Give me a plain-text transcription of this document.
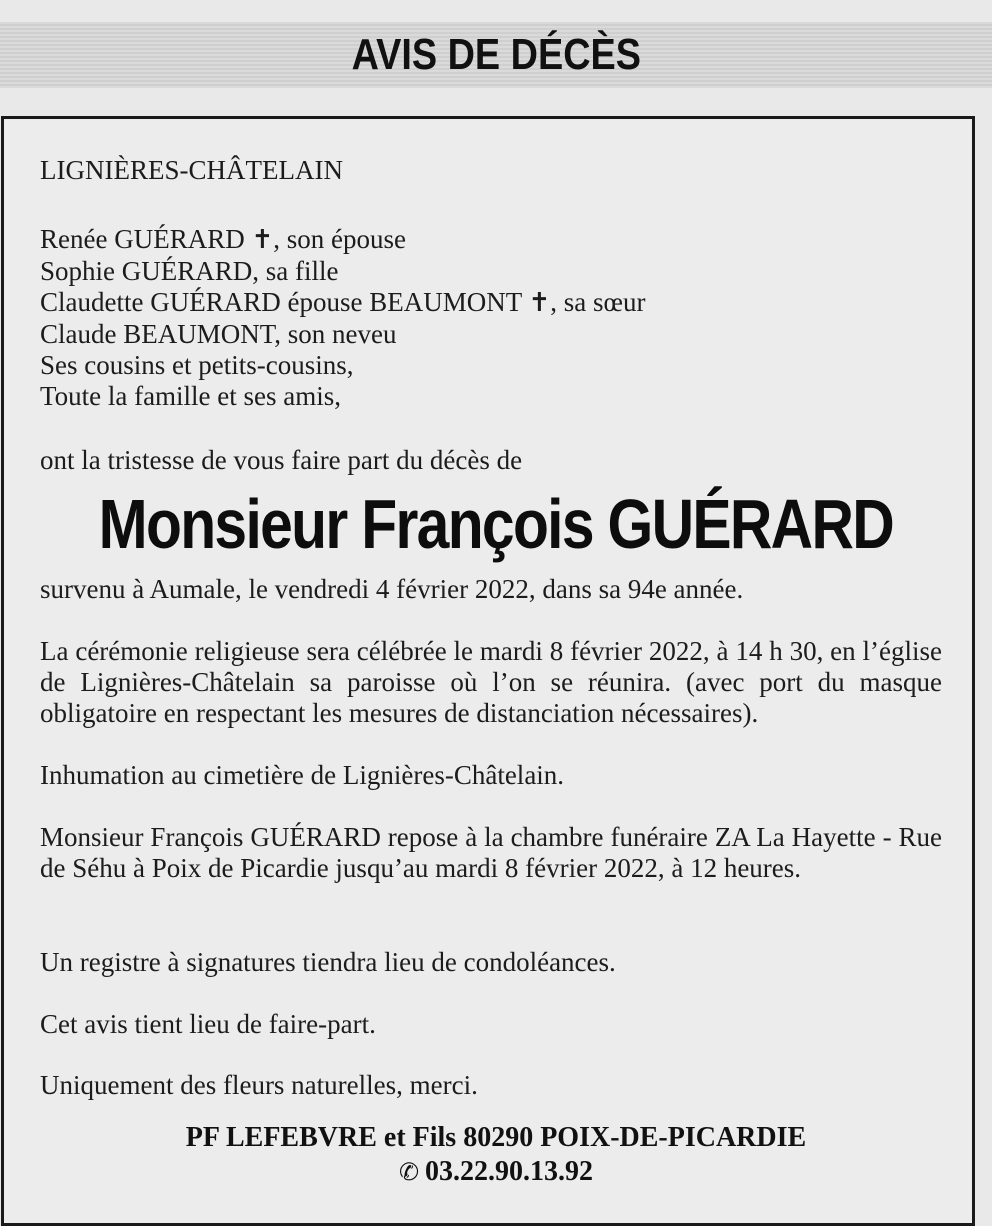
AVIS DE DÉCÈS
LIGNIÈRES-CHÂTELAIN
Renée GUÉRARD ✝, son épouse
Sophie GUÉRARD, sa fille
Claudette GUÉRARD épouse BEAUMONT ✝, sa sœur
Claude BEAUMONT, son neveu
Ses cousins et petits-cousins,
Toute la famille et ses amis,
ont la tristesse de vous faire part du décès de
Monsieur François GUÉRARD
survenu à Aumale, le vendredi 4 février 2022, dans sa 94e année.
La cérémonie religieuse sera célébrée le mardi 8 février 2022, à 14 h 30, en l’église de Lignières-Châtelain sa paroisse où l’on se réunira. (avec port du masque obligatoire en respectant les mesures de distanciation nécessaires).
Inhumation au cimetière de Lignières-Châtelain.
Monsieur François GUÉRARD repose à la chambre funéraire ZA La Hayette - Rue de Séhu à Poix de Picardie jusqu’au mardi 8 février 2022, à 12 heures.
Un registre à signatures tiendra lieu de condoléances.
Cet avis tient lieu de faire-part.
Uniquement des fleurs naturelles, merci.
PF LEFEBVRE et Fils 80290 POIX-DE-PICARDIE
✆ 03.22.90.13.92
